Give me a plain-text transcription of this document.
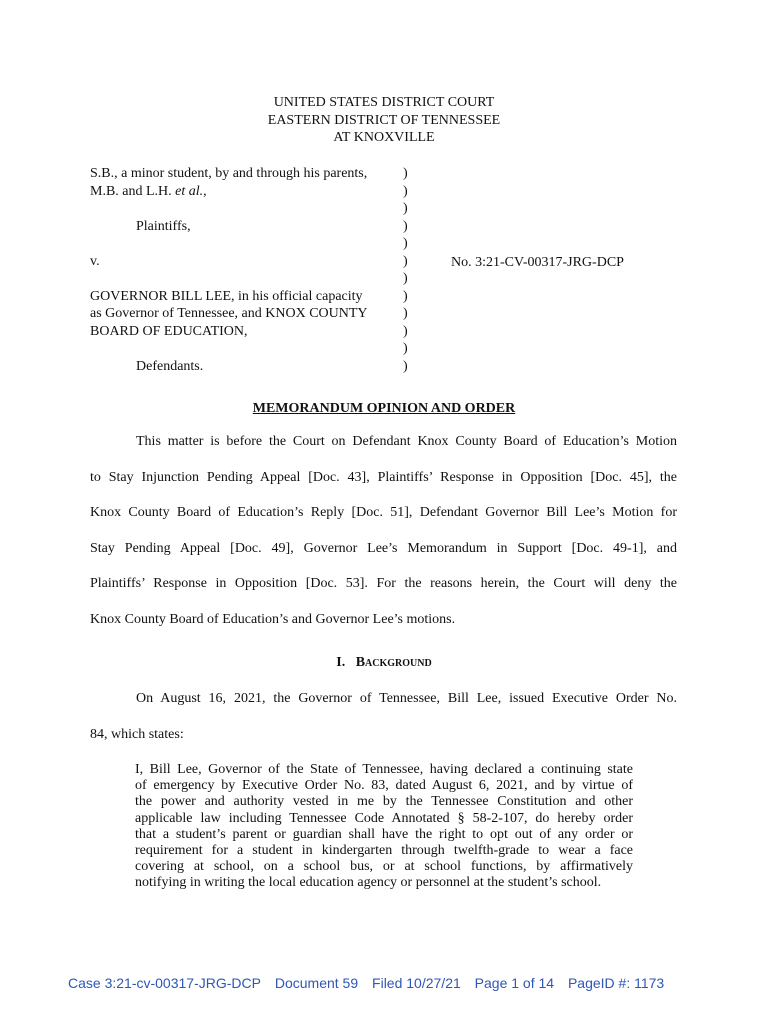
UNITED STATES DISTRICT COURT
EASTERN DISTRICT OF TENNESSEE
AT KNOXVILLE
S.B., a minor student, by and through his parents,
M.B. and L.H. et al.,
Plaintiffs,
v.
GOVERNOR BILL LEE, in his official capacity
as Governor of Tennessee, and KNOX COUNTY
BOARD OF EDUCATION,
Defendants.
)
)
)
)
)
)
)
)
)
)
)
)
No. 3:21-CV-00317-JRG-DCP
MEMORANDUM OPINION AND ORDER
This matter is before the Court on Defendant Knox County Board of Education’s Motion
to Stay Injunction Pending Appeal [Doc. 43], Plaintiffs’ Response in Opposition [Doc. 45], the
Knox County Board of Education’s Reply [Doc. 51], Defendant Governor Bill Lee’s Motion for
Stay Pending Appeal [Doc. 49], Governor Lee’s Memorandum in Support [Doc. 49-1], and
Plaintiffs’ Response in Opposition [Doc. 53]. For the reasons herein, the Court will deny the
Knox County Board of Education’s and Governor Lee’s motions.
I. Background
On August 16, 2021, the Governor of Tennessee, Bill Lee, issued Executive Order No.
84, which states:
I, Bill Lee, Governor of the State of Tennessee, having declared a continuing state
of emergency by Executive Order No. 83, dated August 6, 2021, and by virtue of
the power and authority vested in me by the Tennessee Constitution and other
applicable law including Tennessee Code Annotated § 58-2-107, do hereby order
that a student’s parent or guardian shall have the right to opt out of any order or
requirement for a student in kindergarten through twelfth-grade to wear a face
covering at school, on a school bus, or at school functions, by affirmatively
notifying in writing the local education agency or personnel at the student’s school.
Case 3:21-cv-00317-JRG-DCP Document 59 Filed 10/27/21 Page 1 of 14 PageID #: 1173
